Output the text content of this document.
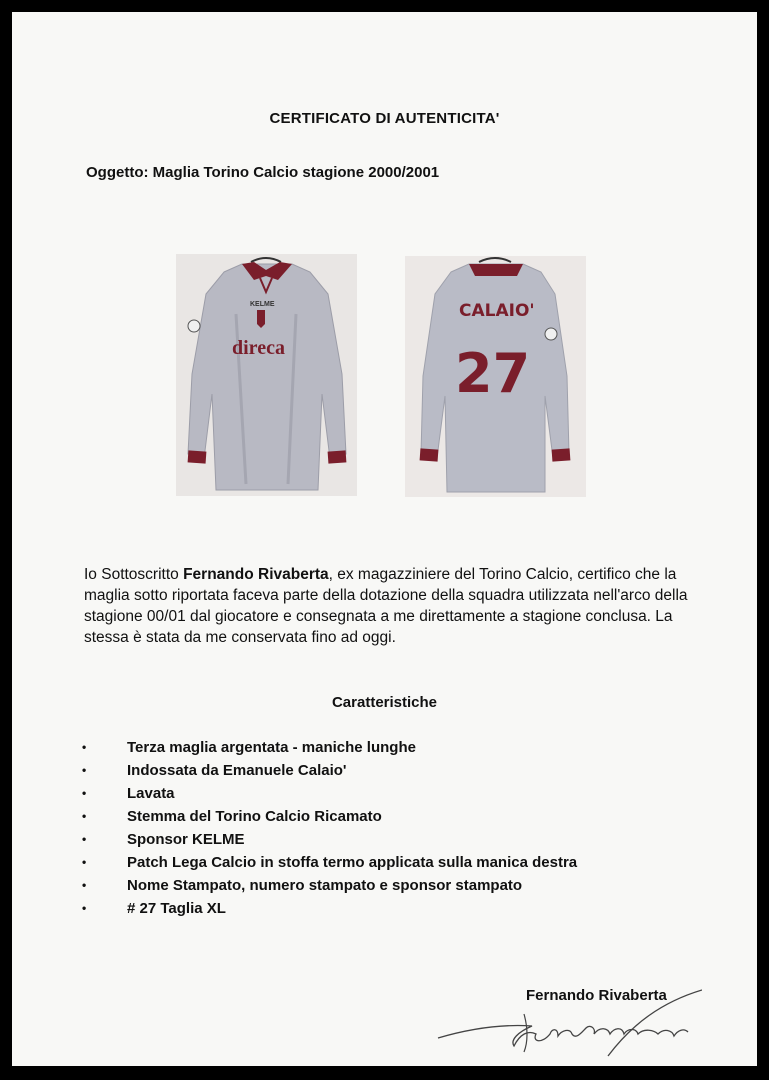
CERTIFICATO DI AUTENTICITA'
Oggetto: Maglia Torino Calcio stagione 2000/2001
KELME
direca
CALAIO'
27
Io Sottoscritto Fernando Rivaberta, ex magazziniere del Torino Calcio, certifico che la maglia sotto riportata faceva parte della dotazione della squadra utilizzata nell'arco della stagione 00/01 dal giocatore e consegnata a me direttamente a stagione conclusa. La stessa è stata da me conservata fino ad oggi.
Caratteristiche
•	Terza maglia argentata - maniche lunghe
•	Indossata da Emanuele Calaio'
•	Lavata
•	Stemma del Torino Calcio Ricamato
•	Sponsor KELME
•	Patch Lega Calcio in stoffa termo applicata sulla manica destra
•	Nome Stampato, numero stampato e sponsor stampato
•	# 27 Taglia XL
Fernando Rivaberta
